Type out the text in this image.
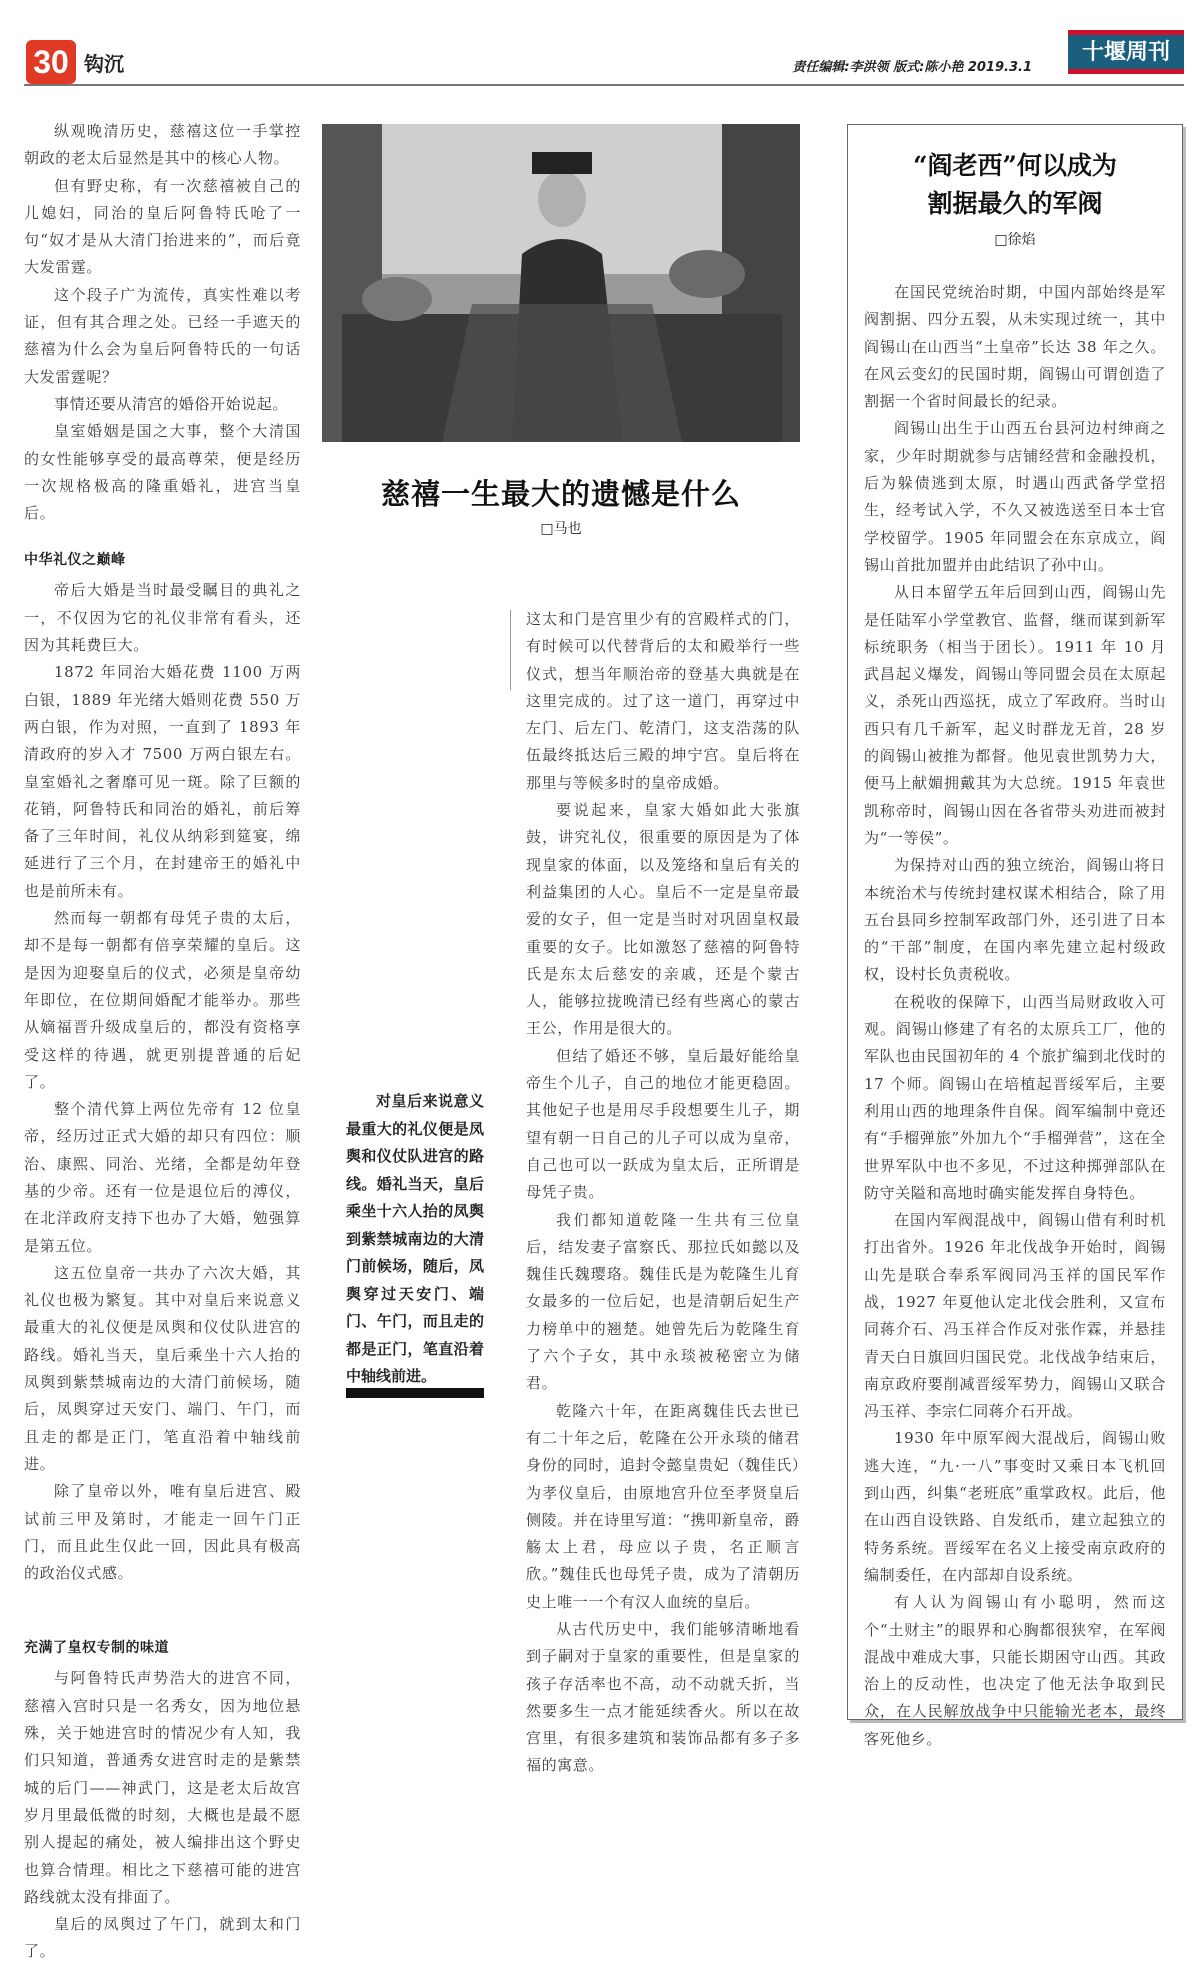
30 钩沉	责任编辑:李洪领 版式:陈小艳 2019.3.1
十堰周刊

纵观晚清历史，慈禧这位一手掌控朝政的老太后显然是其中的核心人物。

但有野史称，有一次慈禧被自己的儿媳妇，同治的皇后阿鲁特氏呛了一句“奴才是从大清门抬进来的”，而后竟大发雷霆。

这个段子广为流传，真实性难以考证，但有其合理之处。已经一手遮天的慈禧为什么会为皇后阿鲁特氏的一句话大发雷霆呢？

事情还要从清宫的婚俗开始说起。

皇室婚姻是国之大事，整个大清国的女性能够享受的最高尊荣，便是经历一次规格极高的隆重婚礼，进宫当皇后。

中华礼仪之巅峰

帝后大婚是当时最受瞩目的典礼之一，不仅因为它的礼仪非常有看头，还因为其耗费巨大。

1872 年同治大婚花费 1100 万两白银，1889 年光绪大婚则花费 550 万两白银，作为对照，一直到了 1893 年清政府的岁入才 7500 万两白银左右。皇室婚礼之奢靡可见一斑。除了巨额的花销，阿鲁特氏和同治的婚礼，前后筹备了三年时间，礼仪从纳彩到筵宴，绵延进行了三个月，在封建帝王的婚礼中也是前所未有。

然而每一朝都有母凭子贵的太后，却不是每一朝都有倍享荣耀的皇后。这是因为迎娶皇后的仪式，必须是皇帝幼年即位，在位期间婚配才能举办。那些从嫡福晋升级成皇后的，都没有资格享受这样的待遇，就更别提普通的后妃了。

整个清代算上两位先帝有 12 位皇帝，经历过正式大婚的却只有四位：顺治、康熙、同治、光绪，全都是幼年登基的少帝。还有一位是退位后的溥仪，在北洋政府支持下也办了大婚，勉强算是第五位。

这五位皇帝一共办了六次大婚，其礼仪也极为繁复。其中对皇后来说意义最重大的礼仪便是凤舆和仪仗队进宫的路线。婚礼当天，皇后乘坐十六人抬的凤舆到紫禁城南边的大清门前候场，随后，凤舆穿过天安门、端门、午门，而且走的都是正门，笔直沿着中轴线前进。

除了皇帝以外，唯有皇后进宫、殿试前三甲及第时，才能走一回午门正门，而且此生仅此一回，因此具有极高的政治仪式感。

充满了皇权专制的味道

与阿鲁特氏声势浩大的进宫不同，慈禧入宫时只是一名秀女，因为地位悬殊，关于她进宫时的情况少有人知，我们只知道，普通秀女进宫时走的是紫禁城的后门——神武门，这是老太后故宫岁月里最低微的时刻，大概也是最不愿别人提起的痛处，被人编排出这个野史也算合情理。相比之下慈禧可能的进宫路线就太没有排面了。

皇后的凤舆过了午门，就到太和门了。

慈禧一生最大的遗憾是什么
□马也
对皇后来说意义最重大的礼仪便是凤舆和仪仗队进宫的路线。婚礼当天，皇后乘坐十六人抬的凤舆到紫禁城南边的大清门前候场，随后，凤舆穿过天安门、端门、午门，而且走的都是正门，笔直沿着中轴线前进。

这太和门是宫里少有的宫殿样式的门，有时候可以代替背后的太和殿举行一些仪式，想当年顺治帝的登基大典就是在这里完成的。过了这一道门，再穿过中左门、后左门、乾清门，这支浩荡的队伍最终抵达后三殿的坤宁宫。皇后将在那里与等候多时的皇帝成婚。

要说起来，皇家大婚如此大张旗鼓，讲究礼仪，很重要的原因是为了体现皇家的体面，以及笼络和皇后有关的利益集团的人心。皇后不一定是皇帝最爱的女子，但一定是当时对巩固皇权最重要的女子。比如激怒了慈禧的阿鲁特氏是东太后慈安的亲戚，还是个蒙古人，能够拉拢晚清已经有些离心的蒙古王公，作用是很大的。

但结了婚还不够，皇后最好能给皇帝生个儿子，自己的地位才能更稳固。其他妃子也是用尽手段想要生儿子，期望有朝一日自己的儿子可以成为皇帝，自己也可以一跃成为皇太后，正所谓是母凭子贵。

我们都知道乾隆一生共有三位皇后，结发妻子富察氏、那拉氏如懿以及魏佳氏魏璎珞。魏佳氏是为乾隆生儿育女最多的一位后妃，也是清朝后妃生产力榜单中的翘楚。她曾先后为乾隆生育了六个子女，其中永琰被秘密立为储君。

乾隆六十年，在距离魏佳氏去世已有二十年之后，乾隆在公开永琰的储君身份的同时，追封令懿皇贵妃（魏佳氏）为孝仪皇后，由原地宫升位至孝贤皇后侧陵。并在诗里写道：“携叩新皇帝，爵觞太上君，母应以子贵，名正顺言欣。”魏佳氏也母凭子贵，成为了清朝历史上唯一一个有汉人血统的皇后。

从古代历史中，我们能够清晰地看到子嗣对于皇家的重要性，但是皇家的孩子存活率也不高，动不动就夭折，当然要多生一点才能延续香火。所以在故宫里，有很多建筑和装饰品都有多子多福的寓意。

“阎老西”何以成为
割据最久的军阀
□徐焰

在国民党统治时期，中国内部始终是军阀割据、四分五裂，从未实现过统一，其中阎锡山在山西当“土皇帝”长达 38 年之久。在风云变幻的民国时期，阎锡山可谓创造了割据一个省时间最长的纪录。

阎锡山出生于山西五台县河边村绅商之家，少年时期就参与店铺经营和金融投机，后为躲债逃到太原，时遇山西武备学堂招生，经考试入学，不久又被选送至日本士官学校留学。1905 年同盟会在东京成立，阎锡山首批加盟并由此结识了孙中山。

从日本留学五年后回到山西，阎锡山先是任陆军小学堂教官、监督，继而谋到新军标统职务（相当于团长）。1911 年 10 月武昌起义爆发，阎锡山等同盟会员在太原起义，杀死山西巡抚，成立了军政府。当时山西只有几千新军，起义时群龙无首，28 岁的阎锡山被推为都督。他见袁世凯势力大，便马上献媚拥戴其为大总统。1915 年袁世凯称帝时，阎锡山因在各省带头劝进而被封为“一等侯”。

为保持对山西的独立统治，阎锡山将日本统治术与传统封建权谋术相结合，除了用五台县同乡控制军政部门外，还引进了日本的“干部”制度，在国内率先建立起村级政权，设村长负责税收。

在税收的保障下，山西当局财政收入可观。阎锡山修建了有名的太原兵工厂，他的军队也由民国初年的 4 个旅扩编到北伐时的 17 个师。阎锡山在培植起晋绥军后，主要利用山西的地理条件自保。阎军编制中竟还有“手榴弹旅”外加九个“手榴弹营”，这在全世界军队中也不多见，不过这种掷弹部队在防守关隘和高地时确实能发挥自身特色。

在国内军阀混战中，阎锡山借有利时机打出省外。1926 年北伐战争开始时，阎锡山先是联合奉系军阀同冯玉祥的国民军作战，1927 年夏他认定北伐会胜利，又宣布同蒋介石、冯玉祥合作反对张作霖，并悬挂青天白日旗回归国民党。北伐战争结束后，南京政府要削减晋绥军势力，阎锡山又联合冯玉祥、李宗仁同蒋介石开战。

1930 年中原军阀大混战后，阎锡山败逃大连，“九·一八”事变时又乘日本飞机回到山西，纠集“老班底”重掌政权。此后，他在山西自设铁路、自发纸币，建立起独立的特务系统。晋绥军在名义上接受南京政府的编制委任，在内部却自设系统。

有人认为阎锡山有小聪明，然而这个“土财主”的眼界和心胸都很狭窄，在军阀混战中难成大事，只能长期困守山西。其政治上的反动性，也决定了他无法争取到民众，在人民解放战争中只能输光老本，最终客死他乡。
